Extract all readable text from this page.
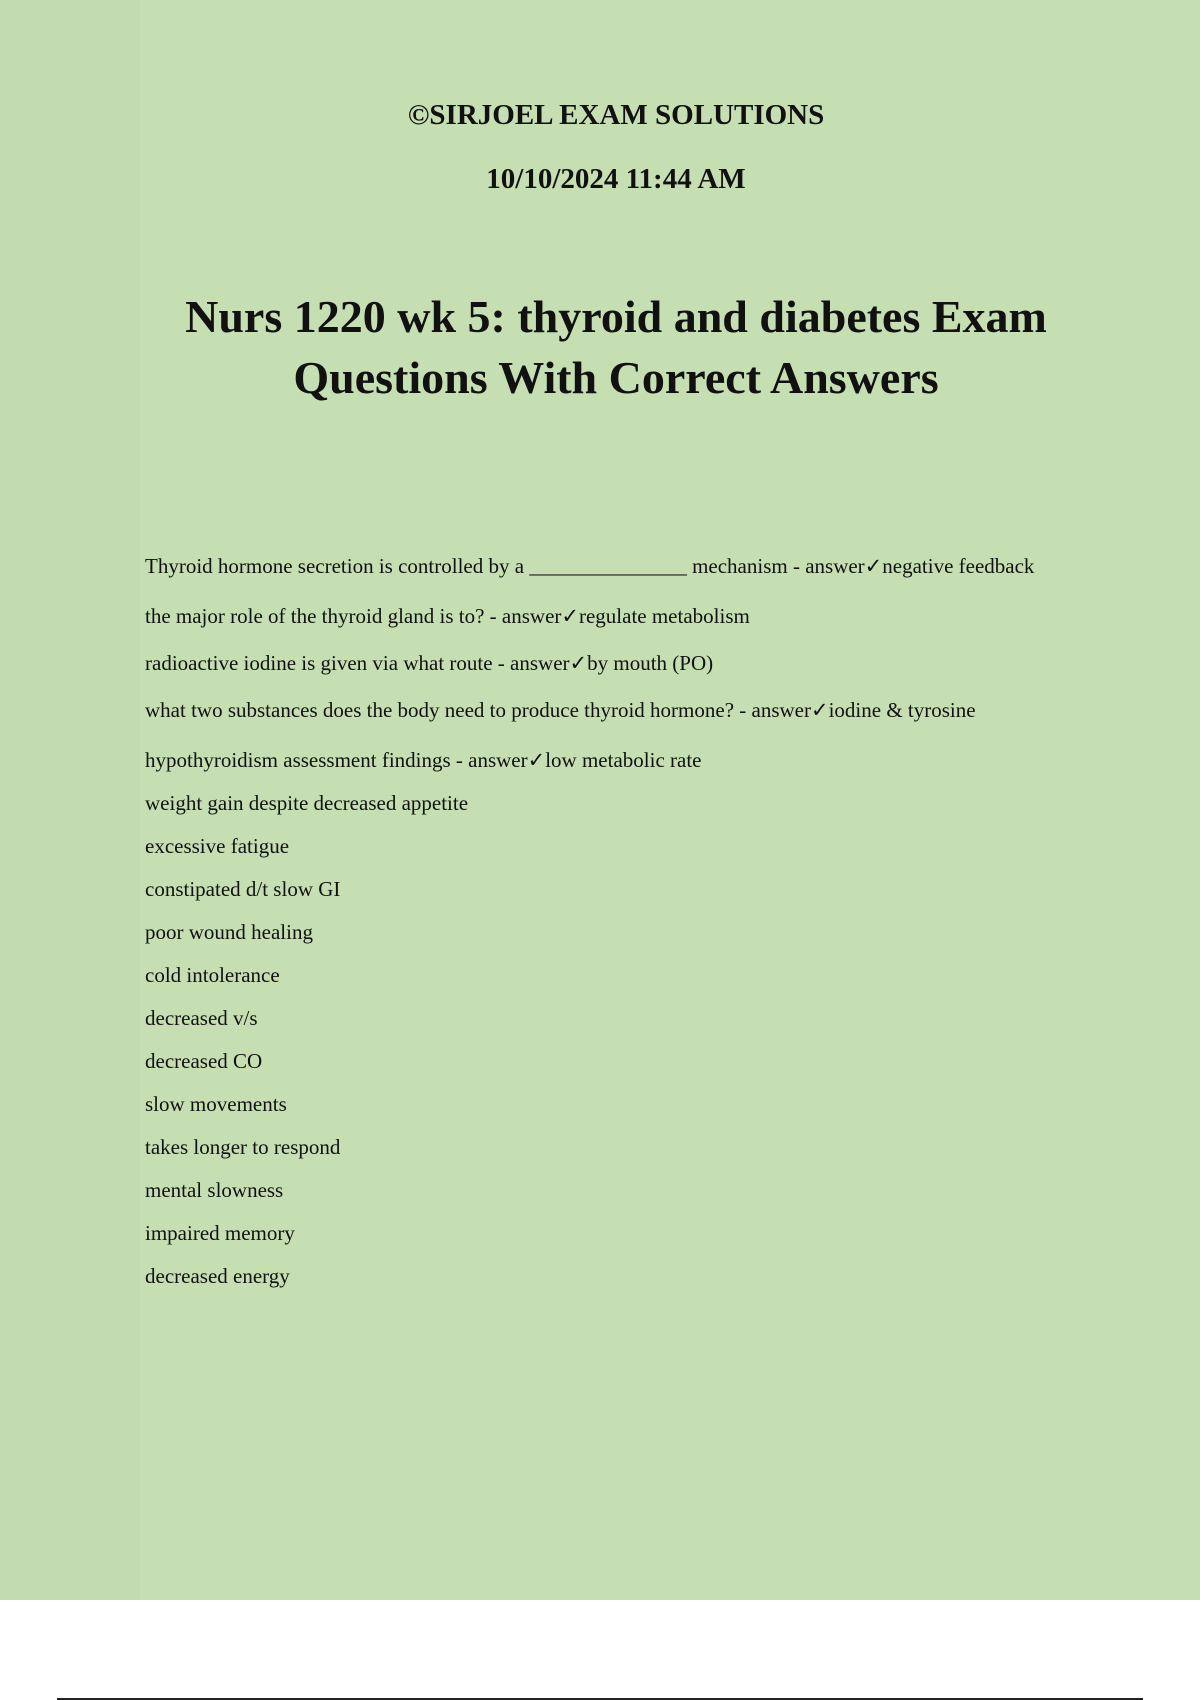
©SIRJOEL EXAM SOLUTIONS
10/10/2024 11:44 AM
Nurs 1220 wk 5: thyroid and diabetes Exam Questions With Correct Answers
Thyroid hormone secretion is controlled by a _______________ mechanism - answer✓negative feedback
the major role of the thyroid gland is to? - answer✓regulate metabolism
radioactive iodine is given via what route - answer✓by mouth (PO)
what two substances does the body need to produce thyroid hormone? - answer✓iodine & tyrosine
hypothyroidism assessment findings - answer✓low metabolic rate
weight gain despite decreased appetite
excessive fatigue
constipated d/t slow GI
poor wound healing
cold intolerance
decreased v/s
decreased CO
slow movements
takes longer to respond
mental slowness
impaired memory
decreased energy
